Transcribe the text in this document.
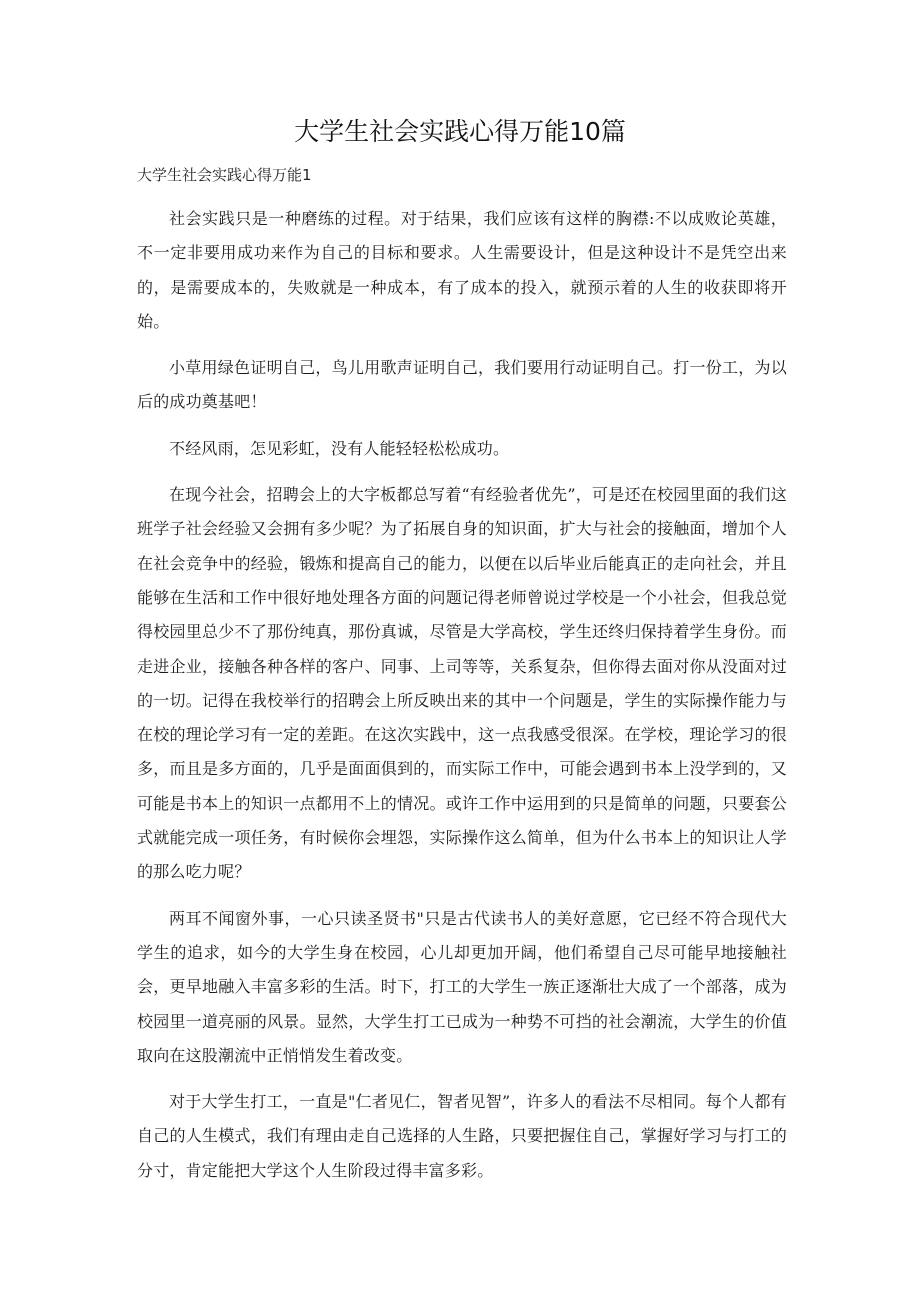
大学生社会实践心得万能10篇

大学生社会实践心得万能1

社会实践只是一种磨练的过程。对于结果，我们应该有这样的胸襟:不以成败论英雄，不一定非要用成功来作为自己的目标和要求。人生需要设计，但是这种设计不是凭空出来的，是需要成本的，失败就是一种成本，有了成本的投入，就预示着的人生的收获即将开始。

小草用绿色证明自己，鸟儿用歌声证明自己，我们要用行动证明自己。打一份工，为以后的成功奠基吧！

不经风雨，怎见彩虹，没有人能轻轻松松成功。

在现今社会，招聘会上的大字板都总写着“有经验者优先”，可是还在校园里面的我们这班学子社会经验又会拥有多少呢？为了拓展自身的知识面，扩大与社会的接触面，增加个人在社会竞争中的经验，锻炼和提高自己的能力，以便在以后毕业后能真正的走向社会，并且能够在生活和工作中很好地处理各方面的问题记得老师曾说过学校是一个小社会，但我总觉得校园里总少不了那份纯真，那份真诚，尽管是大学高校，学生还终归保持着学生身份。而走进企业，接触各种各样的客户、同事、上司等等，关系复杂，但你得去面对你从没面对过的一切。记得在我校举行的招聘会上所反映出来的其中一个问题是，学生的实际操作能力与在校的理论学习有一定的差距。在这次实践中，这一点我感受很深。在学校，理论学习的很多，而且是多方面的，几乎是面面俱到的，而实际工作中，可能会遇到书本上没学到的，又可能是书本上的知识一点都用不上的情况。或许工作中运用到的只是简单的问题，只要套公式就能完成一项任务，有时候你会埋怨，实际操作这么简单，但为什么书本上的知识让人学的那么吃力呢？

两耳不闻窗外事，一心只读圣贤书"只是古代读书人的美好意愿，它已经不符合现代大学生的追求，如今的大学生身在校园，心儿却更加开阔，他们希望自己尽可能早地接触社会，更早地融入丰富多彩的生活。时下，打工的大学生一族正逐渐壮大成了一个部落，成为校园里一道亮丽的风景。显然，大学生打工已成为一种势不可挡的社会潮流，大学生的价值取向在这股潮流中正悄悄发生着改变。

对于大学生打工，一直是"仁者见仁，智者见智”，许多人的看法不尽相同。每个人都有自己的人生模式，我们有理由走自己选择的人生路，只要把握住自己，掌握好学习与打工的分寸，肯定能把大学这个人生阶段过得丰富多彩。
